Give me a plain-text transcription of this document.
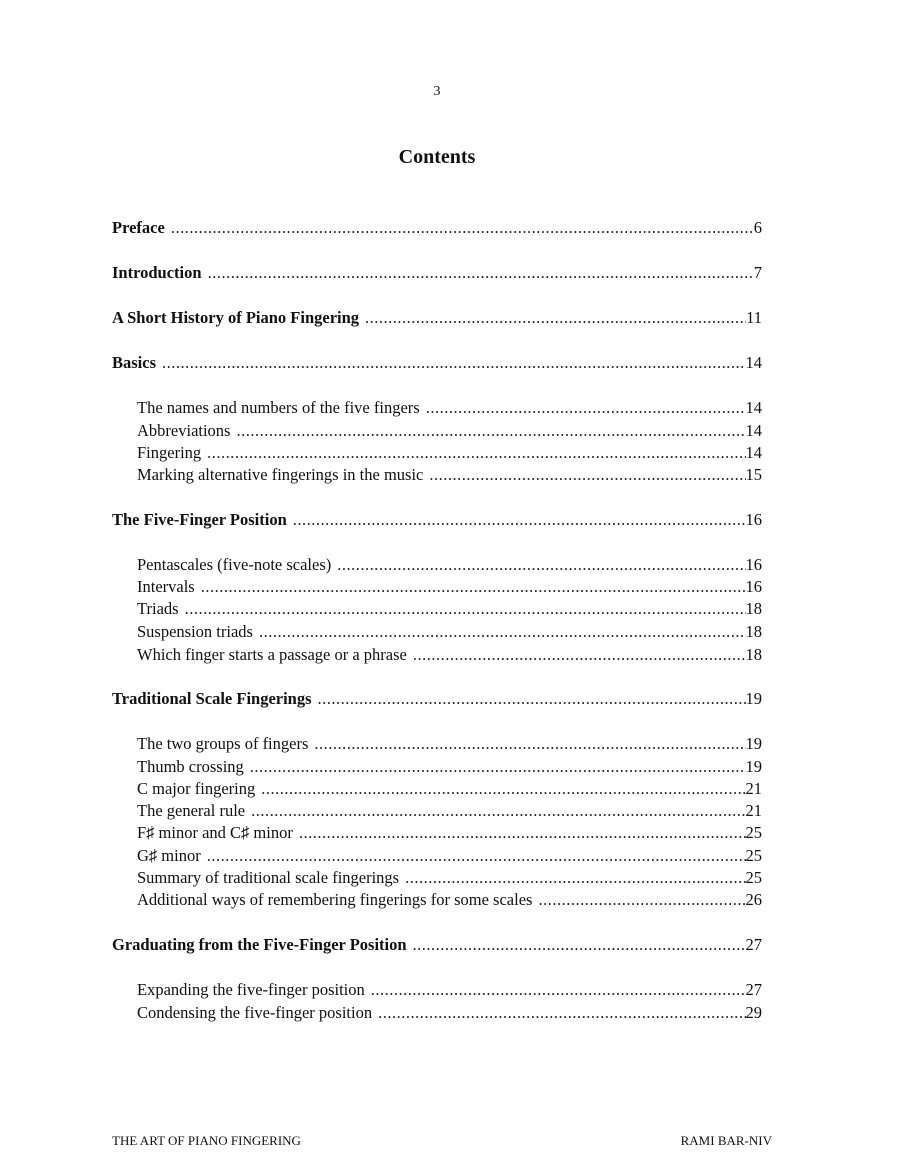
3
Contents
Preface .....	6
Introduction .....	7
A Short History of Piano Fingering .....	11
Basics .....	14
The names and numbers of the five fingers .....	14
Abbreviations .....	14
Fingering .....	14
Marking alternative fingerings in the music .....	15
The Five-Finger Position .....	16
Pentascales (five-note scales) .....	16
Intervals .....	16
Triads .....	18
Suspension triads .....	18
Which finger starts a passage or a phrase .....	18
Traditional Scale Fingerings .....	19
The two groups of fingers .....	19
Thumb crossing .....	19
C major fingering .....	21
The general rule .....	21
F♯ minor and C♯ minor .....	25
G♯ minor .....	25
Summary of traditional scale fingerings .....	25
Additional ways of remembering fingerings for some scales .....	26
Graduating from the Five-Finger Position .....	27
Expanding the five-finger position .....	27
Condensing the five-finger position .....	29
THE ART OF PIANO FINGERING	RAMI BAR-NIV
